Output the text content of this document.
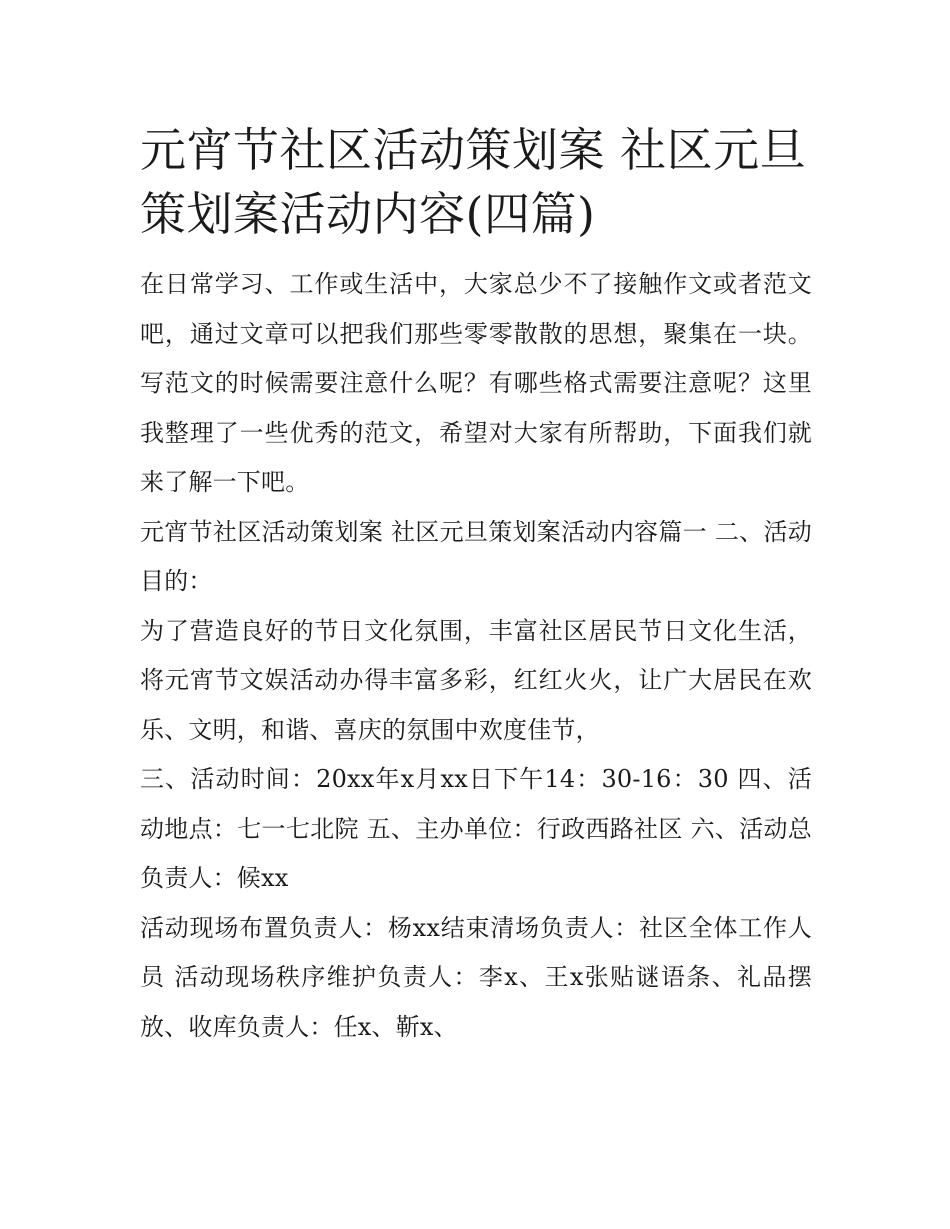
元宵节社区活动策划案 社区元旦策划案活动内容(四篇)

在日常学习、工作或生活中，大家总少不了接触作文或者范文吧，通过文章可以把我们那些零零散散的思想，聚集在一块。写范文的时候需要注意什么呢？有哪些格式需要注意呢？这里我整理了一些优秀的范文，希望对大家有所帮助，下面我们就来了解一下吧。

元宵节社区活动策划案 社区元旦策划案活动内容篇一 二、活动目的：

为了营造良好的节日文化氛围，丰富社区居民节日文化生活，将元宵节文娱活动办得丰富多彩，红红火火，让广大居民在欢乐、文明，和谐、喜庆的氛围中欢度佳节，

三、活动时间：20xx年x月xx日下午14：30-16：30 四、活动地点：七一七北院 五、主办单位：行政西路社区 六、活动总负责人：候xx

活动现场布置负责人：杨xx结束清场负责人：社区全体工作人员 活动现场秩序维护负责人：李x、王x张贴谜语条、礼品摆放、收库负责人：任x、靳x、
